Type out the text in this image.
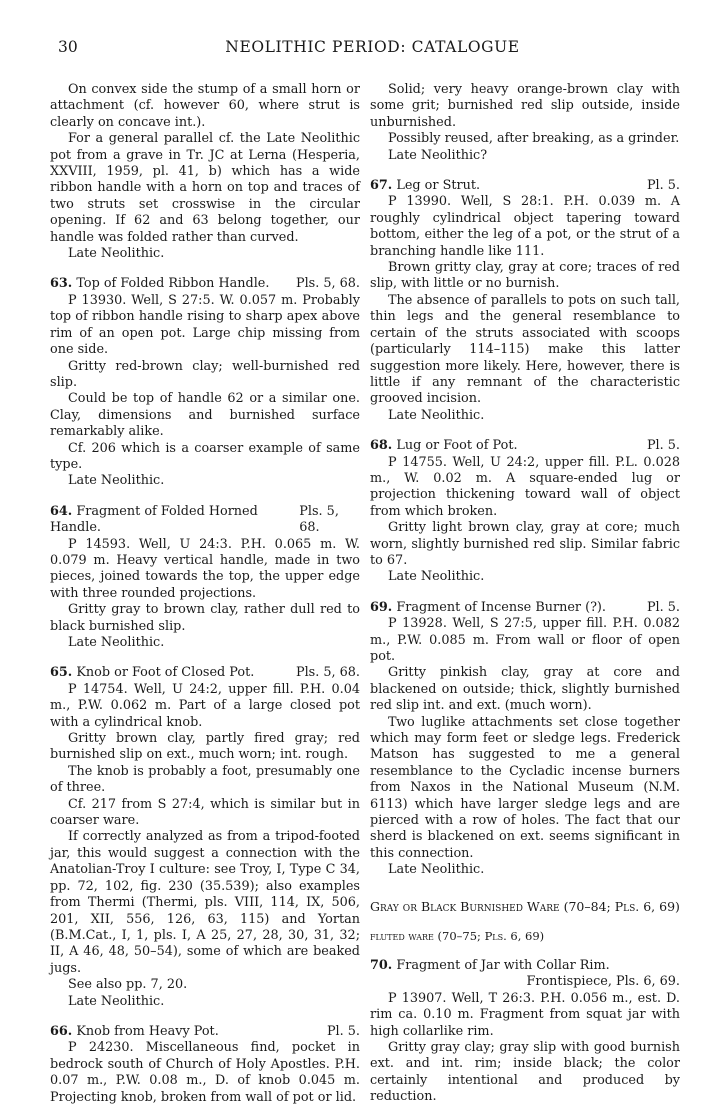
30	NEOLITHIC PERIOD: CATALOGUE

On convex side the stump of a small horn or attachment (cf. however 60, where strut is clearly on concave int.).

For a general parallel cf. the Late Neolithic pot from a grave in Tr. JC at Lerna (Hesperia, XXVIII, 1959, pl. 41, b) which has a wide ribbon handle with a horn on top and traces of two struts set crosswise in the circular opening. If 62 and 63 belong together, our handle was folded rather than curved.

Late Neolithic.

63. Top of Folded Ribbon Handle. Pls. 5, 68.

P 13930. Well, S 27:5. W. 0.057 m. Probably top of ribbon handle rising to sharp apex above rim of an open pot. Large chip missing from one side.

Gritty red-brown clay; well-burnished red slip.

Could be top of handle 62 or a similar one. Clay, dimensions and burnished surface remarkably alike.

Cf. 206 which is a coarser example of same type.

Late Neolithic.

64. Fragment of Folded Horned Handle.
Pls. 5, 68.

P 14593. Well, U 24:3. P.H. 0.065 m. W. 0.079 m. Heavy vertical handle, made in two pieces, joined towards the top, the upper edge with three rounded projections.

Gritty gray to brown clay, rather dull red to black burnished slip.

Late Neolithic.

65. Knob or Foot of Closed Pot.	Pls. 5, 68.

P 14754. Well, U 24:2, upper fill. P.H. 0.04 m., P.W. 0.062 m. Part of a large closed pot with a cylindrical knob.

Gritty brown clay, partly fired gray; red burnished slip on ext., much worn; int. rough.

The knob is probably a foot, presumably one of three.

Cf. 217 from S 27:4, which is similar but in coarser ware.

If correctly analyzed as from a tripod-footed jar, this would suggest a connection with the Anatolian-Troy I culture: see Troy, I, Type C 34, pp. 72, 102, fig. 230 (35.539); also examples from Thermi (Thermi, pls. VIII, 114, IX, 506, 201, XII, 556, 126, 63, 115) and Yortan (B.M.Cat., I, 1, pls. I, A 25, 27, 28, 30, 31, 32; II, A 46, 48, 50–54), some of which are beaked jugs.

See also pp. 7, 20.

Late Neolithic.

66. Knob from Heavy Pot.	Pl. 5.

P 24230. Miscellaneous find, pocket in bedrock south of Church of Holy Apostles. P.H. 0.07 m., P.W. 0.08 m., D. of knob 0.045 m. Projecting knob, broken from wall of pot or lid.

Solid; very heavy orange-brown clay with some grit; burnished red slip outside, inside unburnished.

Possibly reused, after breaking, as a grinder.

Late Neolithic?

67. Leg or Strut.	Pl. 5.

P 13990. Well, S 28:1. P.H. 0.039 m. A roughly cylindrical object tapering toward bottom, either the leg of a pot, or the strut of a branching handle like 111.

Brown gritty clay, gray at core; traces of red slip, with little or no burnish.

The absence of parallels to pots on such tall, thin legs and the general resemblance to certain of the struts associated with scoops (particularly 114–115) make this latter suggestion more likely. Here, however, there is little if any remnant of the characteristic grooved incision.

Late Neolithic.

68. Lug or Foot of Pot.	Pl. 5.

P 14755. Well, U 24:2, upper fill. P.L. 0.028 m., W. 0.02 m. A square-ended lug or projection thickening toward wall of object from which broken.

Gritty light brown clay, gray at core; much worn, slightly burnished red slip. Similar fabric to 67.

Late Neolithic.

69. Fragment of Incense Burner (?).	Pl. 5.

P 13928. Well, S 27:5, upper fill. P.H. 0.082 m., P.W. 0.085 m. From wall or floor of open pot.

Gritty pinkish clay, gray at core and blackened on outside; thick, slightly burnished red slip int. and ext. (much worn).

Two luglike attachments set close together which may form feet or sledge legs. Frederick Matson has suggested to me a general resemblance to the Cycladic incense burners from Naxos in the National Museum (N.M. 6113) which have larger sledge legs and are pierced with a row of holes. The fact that our sherd is blackened on ext. seems significant in this connection.

Late Neolithic.

Gray or Black Burnished Ware (70–84; Pls. 6, 69)

fluted ware (70–75; Pls. 6, 69)

70. Fragment of Jar with Collar Rim.

Frontispiece, Pls. 6, 69.

P 13907. Well, T 26:3. P.H. 0.056 m., est. D. rim ca. 0.10 m. Fragment from squat jar with high collarlike rim.

Gritty gray clay; gray slip with good burnish ext. and int. rim; inside black; the color certainly intentional and produced by reduction.
